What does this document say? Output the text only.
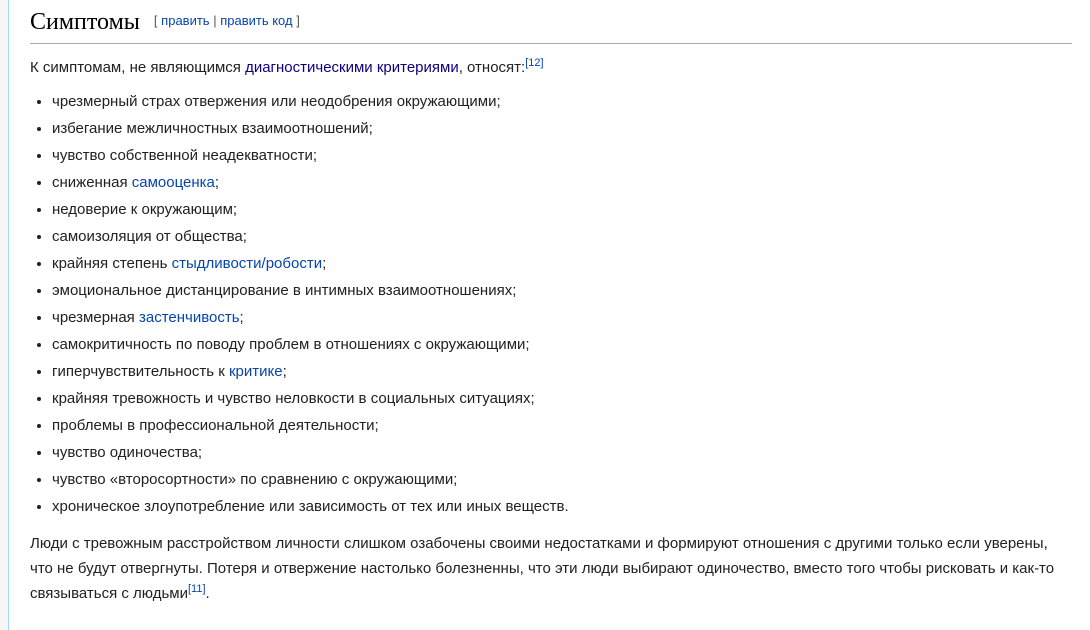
Симптомы [ править | править код ]

К симптомам, не являющимся диагностическими критериями, относят:[12]

• чрезмерный страх отвержения или неодобрения окружающими;
• избегание межличностных взаимоотношений;
• чувство собственной неадекватности;
• сниженная самооценка;
• недоверие к окружающим;
• самоизоляция от общества;
• крайняя степень стыдливости/робости;
• эмоциональное дистанцирование в интимных взаимоотношениях;
• чрезмерная застенчивость;
• самокритичность по поводу проблем в отношениях с окружающими;
• гиперчувствительность к критике;
• крайняя тревожность и чувство неловкости в социальных ситуациях;
• проблемы в профессиональной деятельности;
• чувство одиночества;
• чувство «второсортности» по сравнению с окружающими;
• хроническое злоупотребление или зависимость от тех или иных веществ.

Люди с тревожным расстройством личности слишком озабочены своими недостатками и формируют отношения с другими только если уверены, что не будут отвергнуты. Потеря и отвержение настолько болезненны, что эти люди выбирают одиночество, вместо того чтобы рисковать и как-то связываться с людьми[11].
